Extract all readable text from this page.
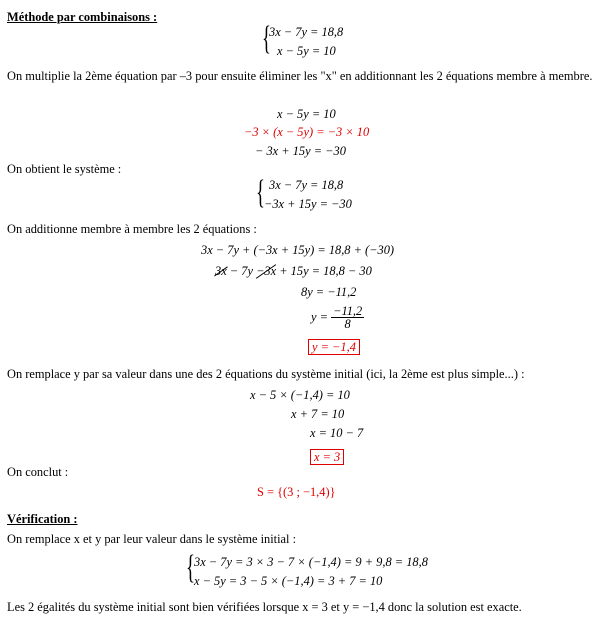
Méthode par combinaisons :
{
3x − 7y = 18,8
x − 5y = 10
On multiplie la 2ème équation par –3 pour ensuite éliminer les "x" en additionnant les 2 équations membre à membre.
x − 5y = 10
−3 × (x − 5y) = −3 × 10
− 3x + 15y = −30
On obtient le système :
{ 3x − 7y = 18,8
−3x + 15y = −30
On additionne membre à membre les 2 équations :
3x − 7y + (−3x + 15y) = 18,8 + (−30)
3x − 7y −3x + 15y = 18,8 − 30
8y = −11,2
$y = \frac{-11,2}{8}$
y = −1,4
On remplace y par sa valeur dans une des 2 équations du système initial (ici, la 2ème est plus simple...) :
x − 5 × (−1,4) = 10
x + 7 = 10
x = 10 − 7
x = 3
On conclut :
S = {(3 ; −1,4)}
Vérification :
On remplace x et y par leur valeur dans le système initial :
{ 3x − 7y = 3 × 3 − 7 × (−1,4) = 9 + 9,8 = 18,8
x − 5y = 3 − 5 × (−1,4) = 3 + 7 = 10
Les 2 égalités du système initial sont bien vérifiées lorsque x = 3 et y = −1,4 donc la solution est exacte.
